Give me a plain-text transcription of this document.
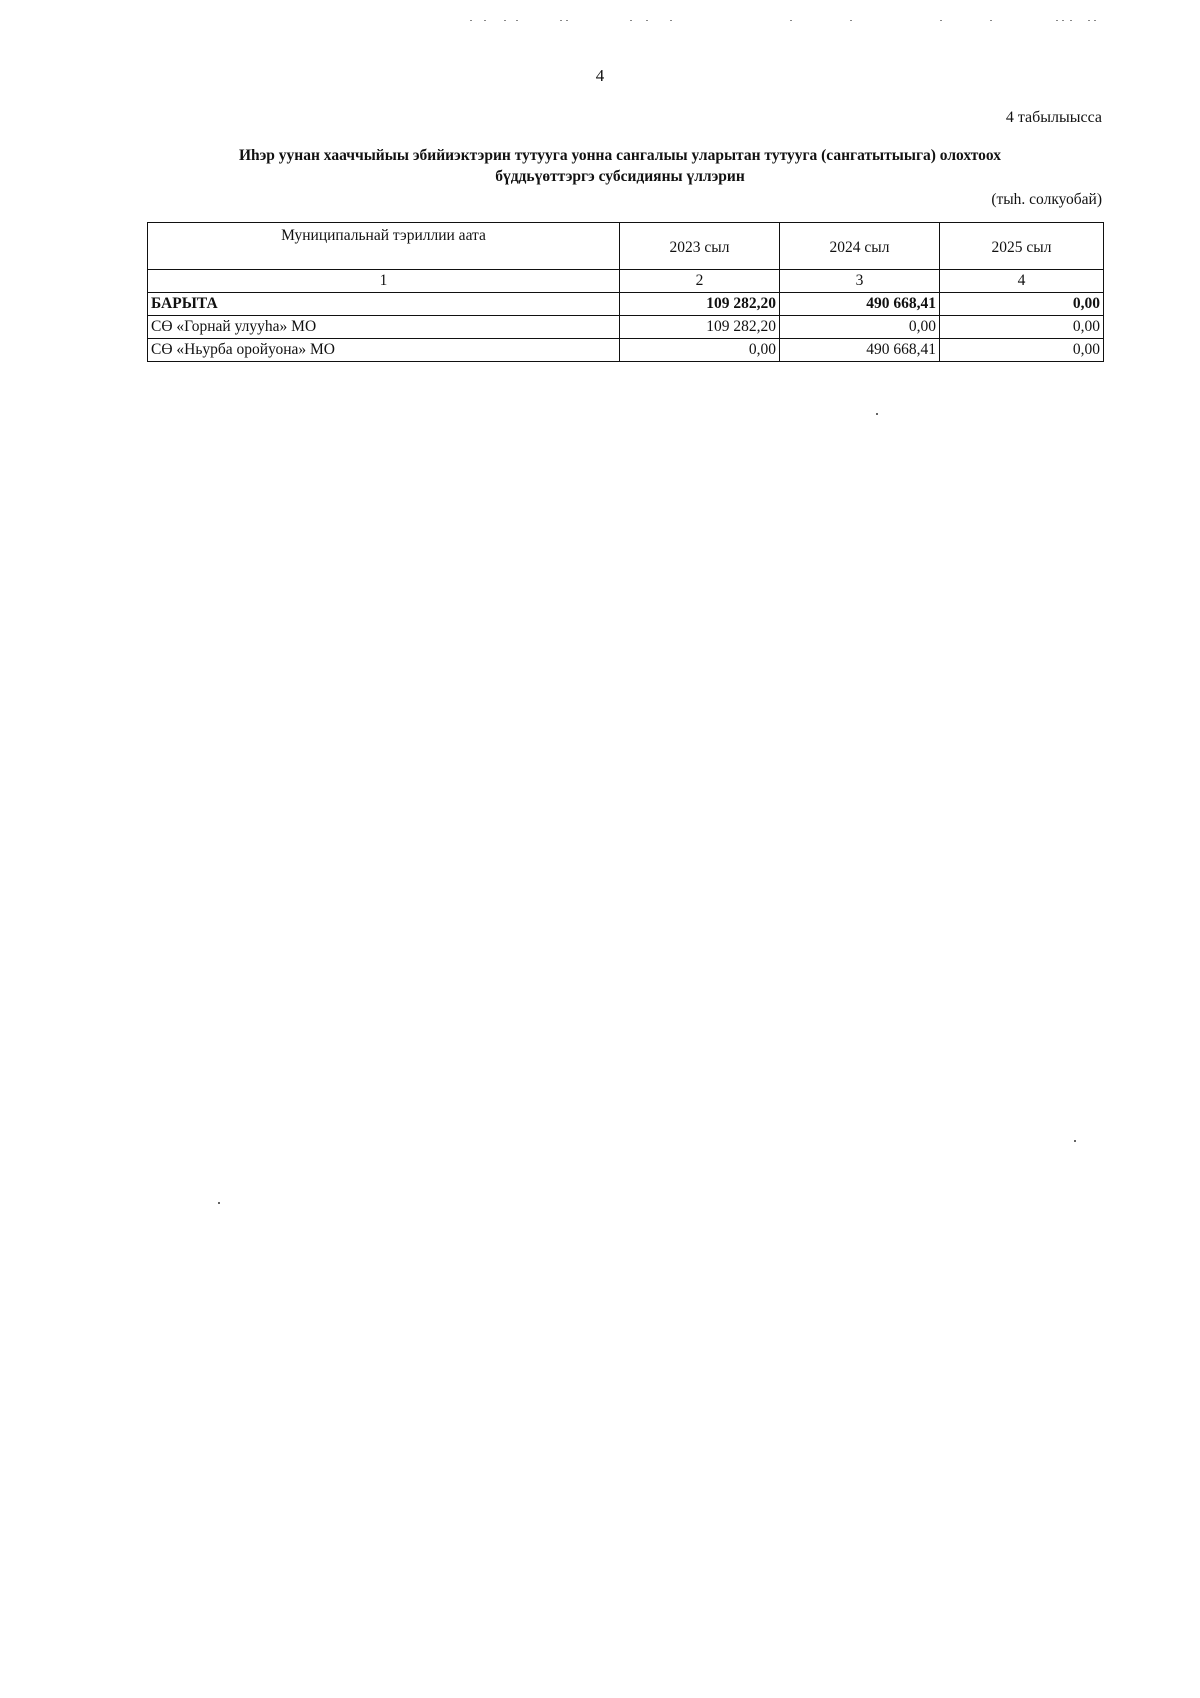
4
4 табылыысса
Иһэр уунан хааччыйыы эбийиэктэрин тутууга уонна сангалыы уларытан тутууга (сангатытыыга) олохтоох
бүддьүөттэргэ субсидияны үллэрин
(тыһ. солкуобай)
Муниципальнай тэриллии аата	2023 сыл	2024 сыл	2025 сыл
1	2	3	4
БАРЫТА	109 282,20	490 668,41	0,00
СӨ «Горнай улууһа» МО	109 282,20	0,00	0,00
СӨ «Ньурба оройуона» МО	0,00	490 668,41	0,00
